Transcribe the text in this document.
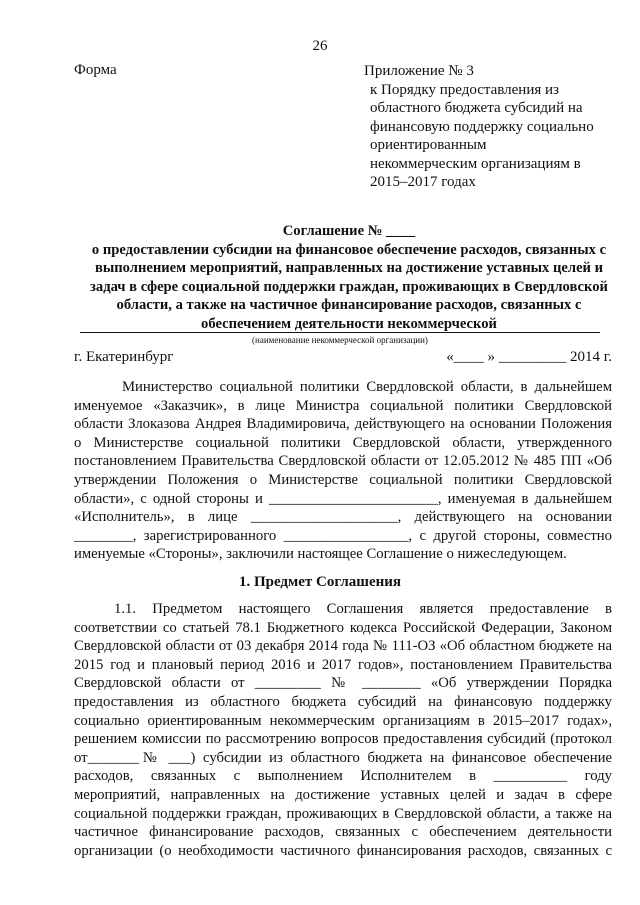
26
Форма	Приложение № 3
к Порядку предоставления из
областного бюджета субсидий на
финансовую поддержку социально
ориентированным
некоммерческим организациям в
2015–2017 годах
Соглашение № ____
о предоставлении субсидии на финансовое обеспечение расходов, связанных с
выполнением мероприятий, направленных на достижение уставных целей и
задач в сфере социальной поддержки граждан, проживающих в Свердловской
области, а также на частичное финансирование расходов, связанных с
обеспечением деятельности некоммерческой
(наименование некоммерческой организации)
г. Екатеринбург	«____ » _________ 2014 г.
Министерство социальной политики Свердловской области, в дальнейшем
именуемое «Заказчик», в лице Министра социальной политики Свердловской
области Злоказова Андрея Владимировича, действующего на основании Положения
о Министерстве социальной политики Свердловской области, утвержденного
постановлением Правительства Свердловской области от 12.05.2012 № 485 ПП «Об
утверждении Положения о Министерстве социальной политики Свердловской
области», с одной стороны и _______________________, именуемая в дальнейшем
«Исполнитель», в лице ____________________, действующего на основании
________, зарегистрированного _________________, с другой стороны, совместно
именуемые «Стороны», заключили настоящее Соглашение о нижеследующем.
1. Предмет Соглашения
1.1. Предметом настоящего Соглашения является предоставление в
соответствии со статьей 78.1 Бюджетного кодекса Российской Федерации, Законом
Свердловской области от 03 декабря 2014 года № 111-ОЗ «Об областном бюджете на
2015 год и плановый период 2016 и 2017 годов», постановлением Правительства
Свердловской области от _________ № ________ «Об утверждении Порядка
предоставления из областного бюджета субсидий на финансовую поддержку
социально ориентированным некоммерческим организациям в 2015–2017 годах»,
решением комиссии по рассмотрению вопросов предоставления субсидий (протокол
от_______№ ___) субсидии из областного бюджета на финансовое обеспечение
расходов, связанных с выполнением Исполнителем в __________ году
мероприятий, направленных на достижение уставных целей и задач в сфере
социальной поддержки граждан, проживающих в Свердловской области, а также на
частичное финансирование расходов, связанных с обеспечением деятельности
организации (о необходимости частичного финансирования расходов, связанных с
